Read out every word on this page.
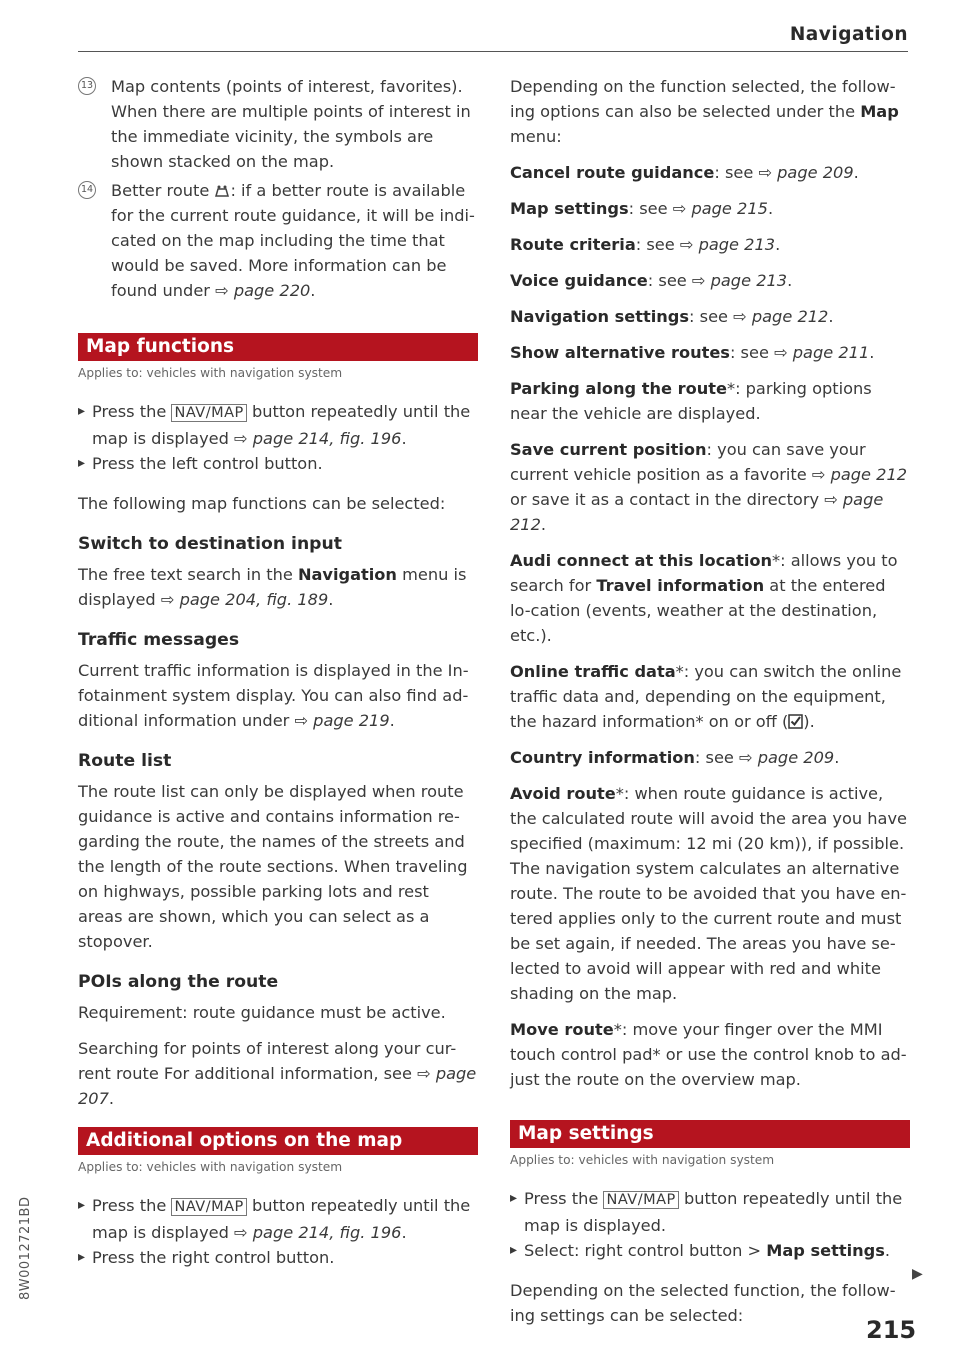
Navigation
13 Map contents (points of interest, favorites). When there are multiple points of interest in the immediate vicinity, the symbols are shown stacked on the map.
14 Better route : if a better route is available for the current route guidance, it will be indi-cated on the map including the time that would be saved. More information can be found under ⇨ page 220.
Map functions
Applies to: vehicles with navigation system
▸ Press the NAV/MAP button repeatedly until the map is displayed ⇨ page 214, fig. 196.
▸ Press the left control button.

The following map functions can be selected:

Switch to destination input

The free text search in the Navigation menu is displayed ⇨ page 204, fig. 189.

Traffic messages

Current traffic information is displayed in the In-fotainment system display. You can also find ad-ditional information under ⇨ page 219.

Route list

The route list can only be displayed when route guidance is active and contains information re-garding the route, the names of the streets and the length of the route sections. When traveling on highways, possible parking lots and rest areas are shown, which you can select as a stopover.

POIs along the route

Requirement: route guidance must be active.

Searching for points of interest along your cur-rent route For additional information, see ⇨ page 207.

Additional options on the map
Applies to: vehicles with navigation system
▸ Press the NAV/MAP button repeatedly until the map is displayed ⇨ page 214, fig. 196.
▸ Press the right control button.

Depending on the function selected, the follow-ing options can also be selected under the Map menu:

Cancel route guidance: see ⇨ page 209.

Map settings: see ⇨ page 215.

Route criteria: see ⇨ page 213.

Voice guidance: see ⇨ page 213.

Navigation settings: see ⇨ page 212.

Show alternative routes: see ⇨ page 211.

Parking along the route*: parking options near the vehicle are displayed.

Save current position: you can save your current vehicle position as a favorite ⇨ page 212 or save it as a contact in the directory ⇨ page 212.

Audi connect at this location*: allows you to search for Travel information at the entered lo-cation (events, weather at the destination, etc.).

Online traffic data*: you can switch the online traffic data and, depending on the equipment, the hazard information* on or off ( ).

Country information: see ⇨ page 209.

Avoid route*: when route guidance is active, the calculated route will avoid the area you have specified (maximum: 12 mi (20 km)), if possible. The navigation system calculates an alternative route. The route to be avoided that you have en-tered applies only to the current route and must be set again, if needed. The areas you have se-lected to avoid will appear with red and white shading on the map.

Move route*: move your finger over the MMI touch control pad* or use the control knob to ad-just the route on the overview map.

Map settings
Applies to: vehicles with navigation system
▸ Press the NAV/MAP button repeatedly until the map is displayed.
▸ Select: right control button > Map settings.

Depending on the selected function, the follow-ing settings can be selected:

▶
215
8W0012721BD
